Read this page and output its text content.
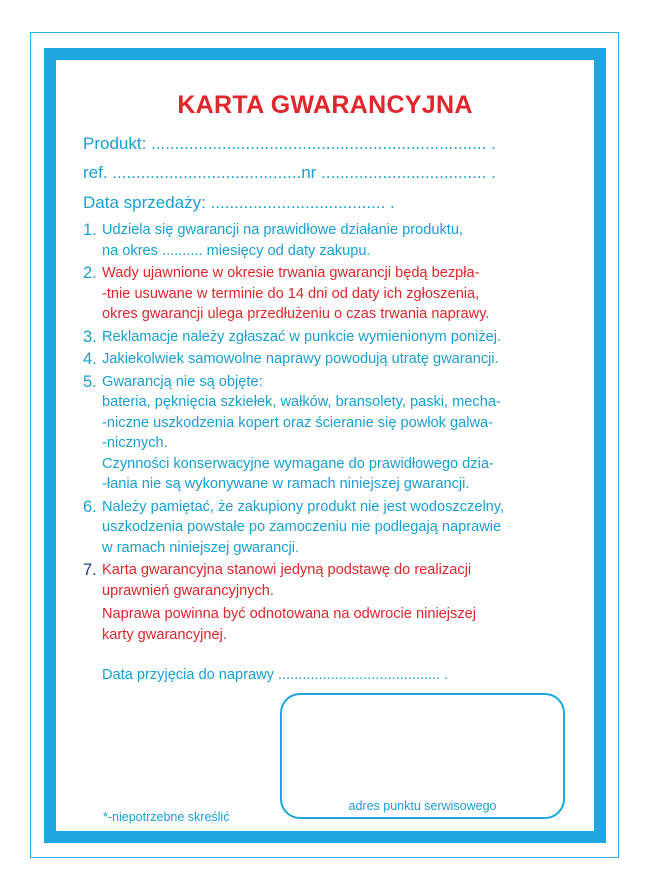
KARTA GWARANCYJNA
Produkt: ....................................................................... .
ref. ........................................nr ................................... .
Data sprzedaży: ..................................... .
1. Udziela się gwarancji na prawidłowe działanie produktu,
na okres .......... miesięcy od daty zakupu.
2. Wady ujawnione w okresie trwania gwarancji będą bezpła-
-tnie usuwane w terminie do 14 dni od daty ich zgłoszenia,
okres gwarancji ulega przedłużeniu o czas trwania naprawy.
3. Reklamacje należy zgłaszać w punkcie wymienionym poniżej.
4. Jakiekolwiek samowolne naprawy powodują utratę gwarancji.
5. Gwarancją nie są objęte:
bateria, pęknięcia szkiełek, wałków, bransolety, paski, mecha-
-niczne uszkodzenia kopert oraz ścieranie się powłok galwa-
-nicznych.
Czynności konserwacyjne wymagane do prawidłowego dzia-
-łania nie są wykonywane w ramach niniejszej gwarancji.
6. Należy pamiętać, że zakupiony produkt nie jest wodoszczelny,
uszkodzenia powstałe po zamoczeniu nie podlegają naprawie
w ramach niniejszej gwarancji.
7. Karta gwarancyjna stanowi jedyną podstawę do realizacji
uprawnień gwarancyjnych.
Naprawa powinna być odnotowana na odwrocie niniejszej
karty gwarancyjnej.
Data przyjęcia do naprawy ........................................ .
adres punktu serwisowego
*-niepotrzebne skreślić
